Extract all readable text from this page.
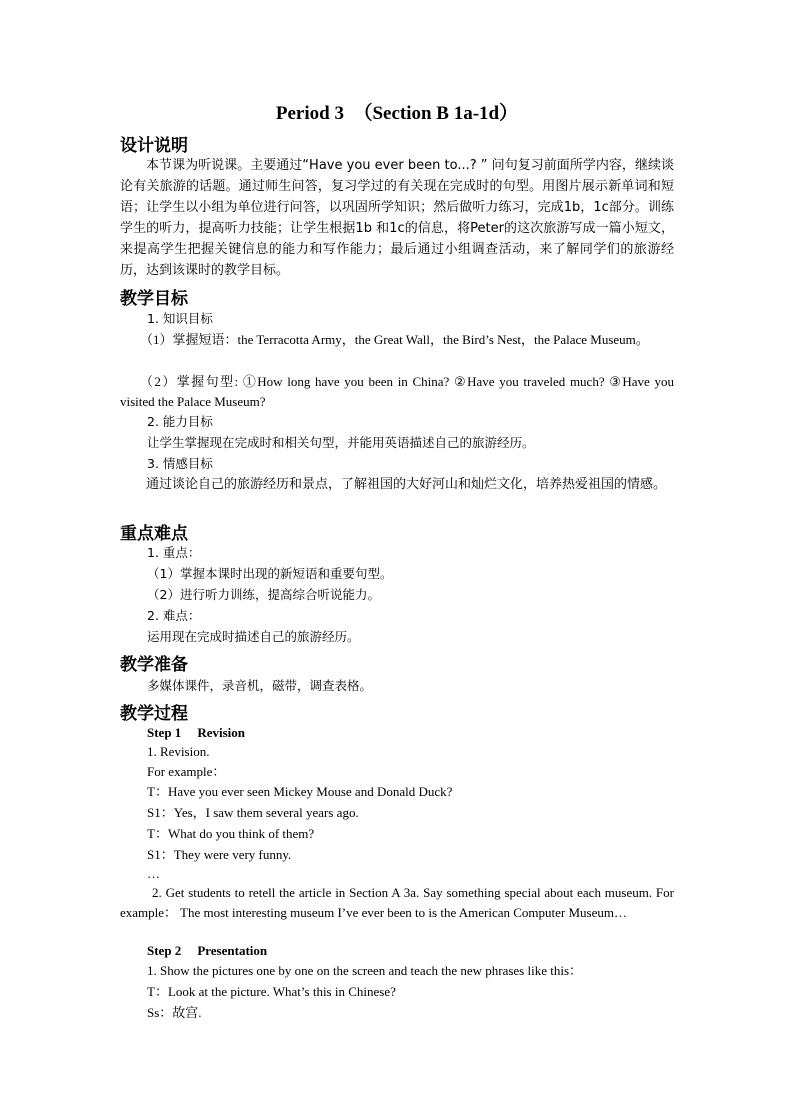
Period 3　（Section B 1a-1d）
设计说明
本节课为听说课。主要通过“Have you ever been to...? ” 问句复习前面所学内容，继续谈论有关旅游的话题。通过师生问答，复习学过的有关现在完成时的句型。用图片展示新单词和短语；让学生以小组为单位进行问答，以巩固所学知识；然后做听力练习，完成1b，1c部分。训练学生的听力，提高听力技能；让学生根据1b 和1c的信息，将Peter的这次旅游写成一篇小短文，来提高学生把握关键信息的能力和写作能力；最后通过小组调查活动，来了解同学们的旅游经历，达到该课时的教学目标。
教学目标
1. 知识目标
（1）掌握短语：the Terracotta Army，the Great Wall，the Bird’s Nest，the Palace Museum。
（2）掌握句型: ①How long have you been in China? ②Have you traveled much? ③Have you visited the Palace Museum?
2. 能力目标
让学生掌握现在完成时和相关句型，并能用英语描述自己的旅游经历。
3. 情感目标
通过谈论自己的旅游经历和景点，了解祖国的大好河山和灿烂文化，培养热爱祖国的情感。
重点难点
1. 重点：
（1）掌握本课时出现的新短语和重要句型。
（2）进行听力训练，提高综合听说能力。
2. 难点：
运用现在完成时描述自己的旅游经历。
教学准备
多媒体课件，录音机，磁带，调查表格。
教学过程
Step 1 Revision
1. Revision.
For example：
T：Have you ever seen Mickey Mouse and Donald Duck?
S1：Yes，I saw them several years ago.
T：What do you think of them?
S1：They were very funny.
…
2. Get students to retell the article in Section A 3a. Say something special about each museum. For example： The most interesting museum I’ve ever been to is the American Computer Museum…
Step 2 Presentation
1. Show the pictures one by one on the screen and teach the new phrases like this：
T：Look at the picture. What’s this in Chinese?
Ss：故宫.
